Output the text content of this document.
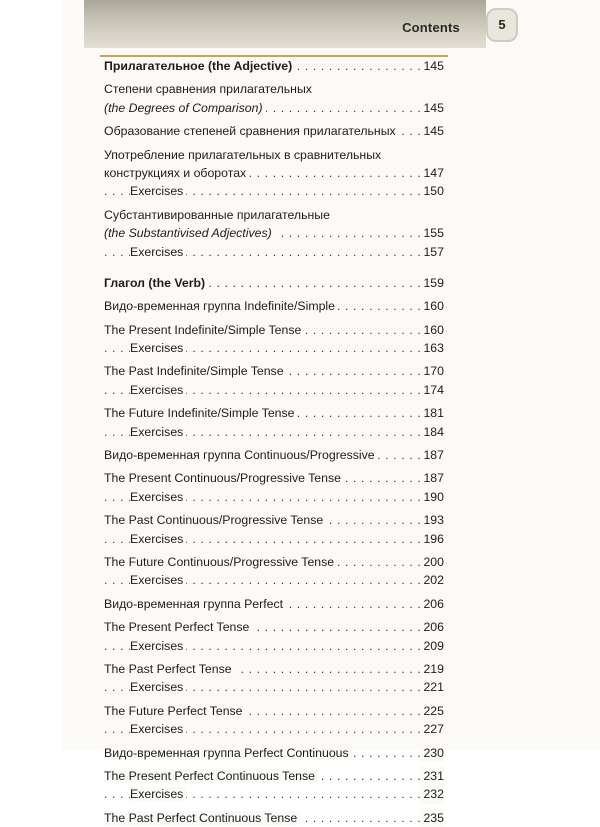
Contents	5
. . . Прилагательное (the Adjective)	145
Степени сравнения прилагательных
. . . (the Degrees of Comparison)	145
. . . Образование степеней сравнения прилагательных 145
Употребление прилагательных в сравнительных
. . . конструкциях и оборотах	147
. . . Exercises	150
Субстантивированные прилагательные
. . . (the Substantivised Adjectives)	155
. . . Exercises	157
. . . Глагол (the Verb)	159
. . . Видо-временная группа Indefinite/Simple	160
. . . The Present Indefinite/Simple Tense	160
. . . Exercises	163
. . . The Past Indefinite/Simple Tense	170
. . . Exercises	174
. . . The Future Indefinite/Simple Tense	181
. . . Exercises	184
. . . Видо-временная группа Continuous/Progressive	187
. . . The Present Continuous/Progressive Tense	187
. . . Exercises	190
. . . The Past Continuous/Progressive Tense	193
. . . Exercises	196
. . . The Future Continuous/Progressive Tense	200
. . . Exercises	202
. . . Видо-временная группа Perfect	206
. . . The Present Perfect Tense	206
. . . Exercises	209
. . . The Past Perfect Tense	219
. . . Exercises	221
. . . The Future Perfect Tense	225
. . . Exercises	227
. . . Видо-временная группа Perfect Continuous	230
. . . The Present Perfect Continuous Tense	231
. . . Exercises	232
. . . The Past Perfect Continuous Tense	235
